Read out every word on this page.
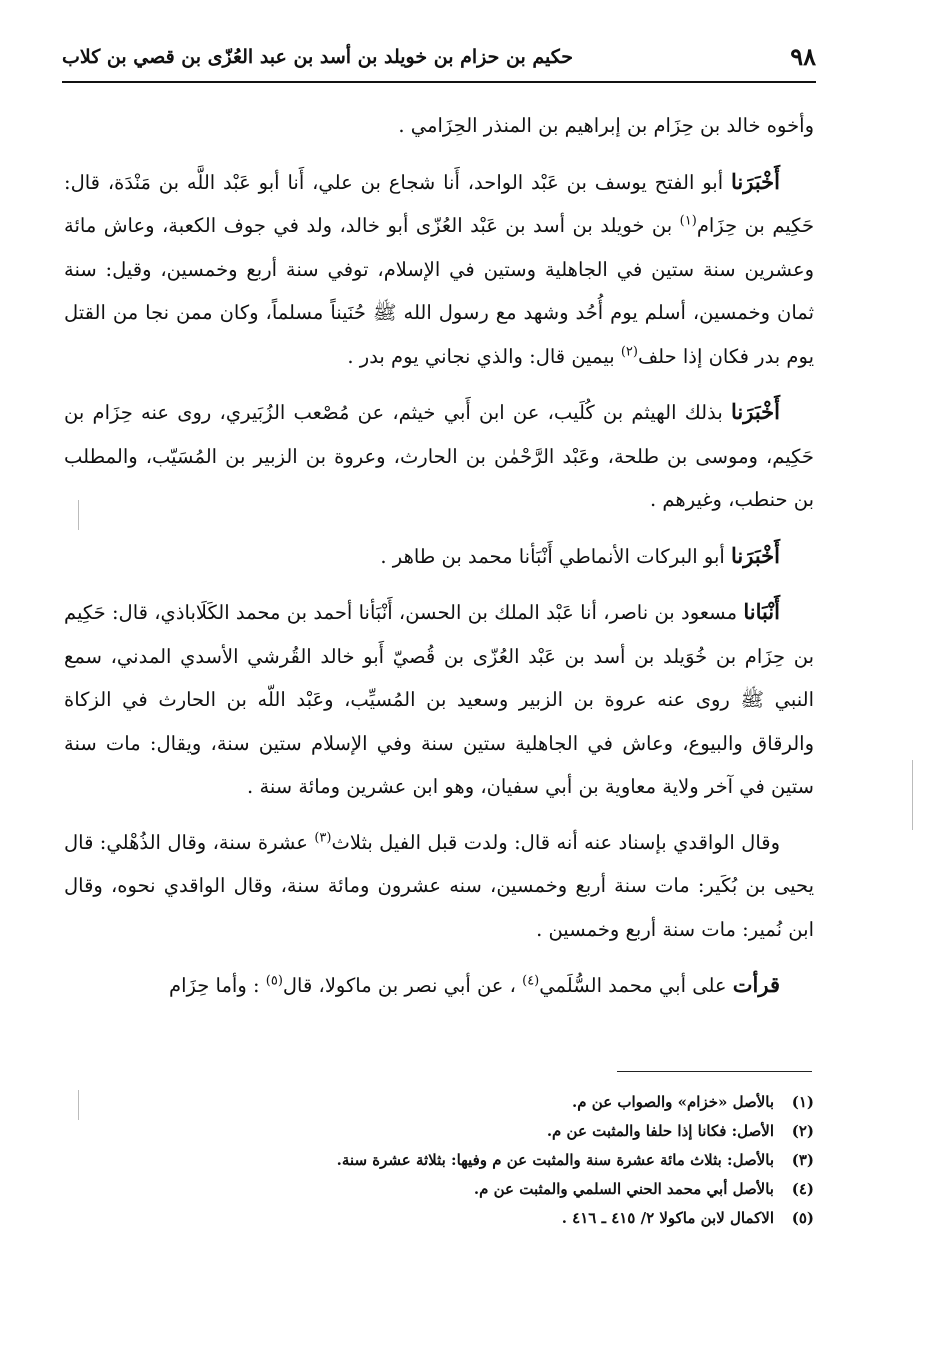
٩٨
حكيم بن حزام بن خويلد بن أسد بن عبد العُزّى بن قصي بن كلاب

وأخوه خالد بن حِزَام بن إبراهيم بن المنذر الحِزَامي .

أَخْبَرَنا أبو الفتح يوسف بن عَبْد الواحد، أَنا شجاع بن علي، أَنا أبو عَبْد اللَّه بن مَنْدَة، قال: حَكِيم بن حِزَام$^{(١)}$ بن خويلد بن أسد بن عَبْد العُزّى أبو خالد، ولد في جوف الكعبة، وعاش مائة وعشرين سنة ستين في الجاهلية وستين في الإسلام، توفي سنة أربع وخمسين، وقيل: سنة ثمان وخمسين، أسلم يوم أُحُد وشهد مع رسول الله ﷺ حُنَيناً مسلماً، وكان ممن نجا من القتل يوم بدر فكان إذا حلف$^{(٢)}$ بيمين قال: والذي نجاني يوم بدر .

أَخْبَرَنا بذلك الهيثم بن كُلَيب، عن ابن أَبي خيثم، عن مُصْعب الزُبَيري، روى عنه حِزَام بن حَكِيم، وموسى بن طلحة، وعَبْد الرَّحْمٰن بن الحارث، وعروة بن الزبير بن المُسَيّب، والمطلب بن حنطب، وغيرهم .

أَخْبَرَنا أبو البركات الأنماطي أَنْبَأنا محمد بن طاهر .

أَنْبَانا مسعود بن ناصر، أنا عَبْد الملك بن الحسن، أَنْبَأنا أحمد بن محمد الكَلَاباذي، قال: حَكِيم بن حِزَام بن خُوَيلد بن أسد بن عَبْد العُزّى بن قُصيّ أَبو خالد القُرشي الأسدي المدني، سمع النبي ﷺ روى عنه عروة بن الزبير وسعيد بن المُسيِّب، وعَبْد اللّه بن الحارث في الزكاة والرقاق والبيوع، وعاش في الجاهلية ستين سنة وفي الإسلام ستين سنة، ويقال: مات سنة ستين في آخر ولاية معاوية بن أبي سفيان، وهو ابن عشرين ومائة سنة .

وقال الواقدي بإسناد عنه أنه قال: ولدت قبل الفيل بثلاث$^{(٣)}$ عشرة سنة، وقال الذُهْلي: قال يحيى بن بُكَير: مات سنة أربع وخمسين، سنه عشرون ومائة سنة، وقال الواقدي نحوه، وقال ابن نُمير: مات سنة أربع وخمسين .

قرأت على أبي محمد السُّلَمي$^{(٤)}$ ، عن أبي نصر بن ماكولا، قال$^{(٥)}$ : وأما حِزَام

(١)بالأصل «خزام» والصواب عن م.
(٢)الأصل: فكانا إذا حلفا والمثبت عن م.
(٣)بالأصل: بثلاث مائة عشرة سنة والمثبت عن م وفيها: بثلاثة عشرة سنة.
(٤)بالأصل أبي محمد الحني السلمي والمثبت عن م.
(٥)الاكمال لابن ماكولا ٢/ ٤١٥ ـ ٤١٦ .
